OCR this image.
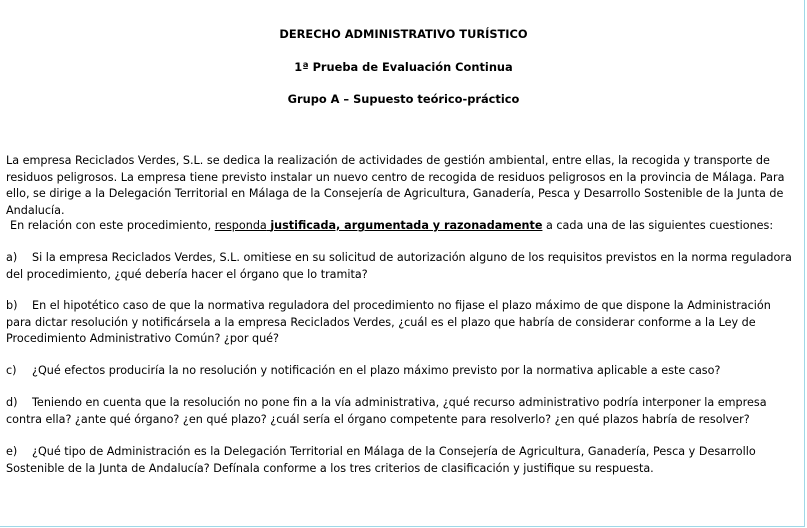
DERECHO ADMINISTRATIVO TURÍSTICO
1ª Prueba de Evaluación Continua
Grupo A – Supuesto teórico-práctico
La empresa Reciclados Verdes, S.L. se dedica la realización de actividades de gestión ambiental, entre ellas, la recogida y transporte de residuos peligrosos. La empresa tiene previsto instalar un nuevo centro de recogida de residuos peligrosos en la provincia de Málaga. Para ello, se dirige a la Delegación Territorial en Málaga de la Consejería de Agricultura, Ganadería, Pesca y Desarrollo Sostenible de la Junta de Andalucía.
En relación con este procedimiento, responda justificada, argumentada y razonadamente a cada una de las siguientes cuestiones:
a) Si la empresa Reciclados Verdes, S.L. omitiese en su solicitud de autorización alguno de los requisitos previstos en la norma reguladora del procedimiento, ¿qué debería hacer el órgano que lo tramita?
b) En el hipotético caso de que la normativa reguladora del procedimiento no fijase el plazo máximo de que dispone la Administración para dictar resolución y notificársela a la empresa Reciclados Verdes, ¿cuál es el plazo que habría de considerar conforme a la Ley de Procedimiento Administrativo Común? ¿por qué?
c) ¿Qué efectos produciría la no resolución y notificación en el plazo máximo previsto por la normativa aplicable a este caso?
d) Teniendo en cuenta que la resolución no pone fin a la vía administrativa, ¿qué recurso administrativo podría interponer la empresa contra ella? ¿ante qué órgano? ¿en qué plazo? ¿cuál sería el órgano competente para resolverlo? ¿en qué plazos habría de resolver?
e) ¿Qué tipo de Administración es la Delegación Territorial en Málaga de la Consejería de Agricultura, Ganadería, Pesca y Desarrollo Sostenible de la Junta de Andalucía? Defínala conforme a los tres criterios de clasificación y justifique su respuesta.
